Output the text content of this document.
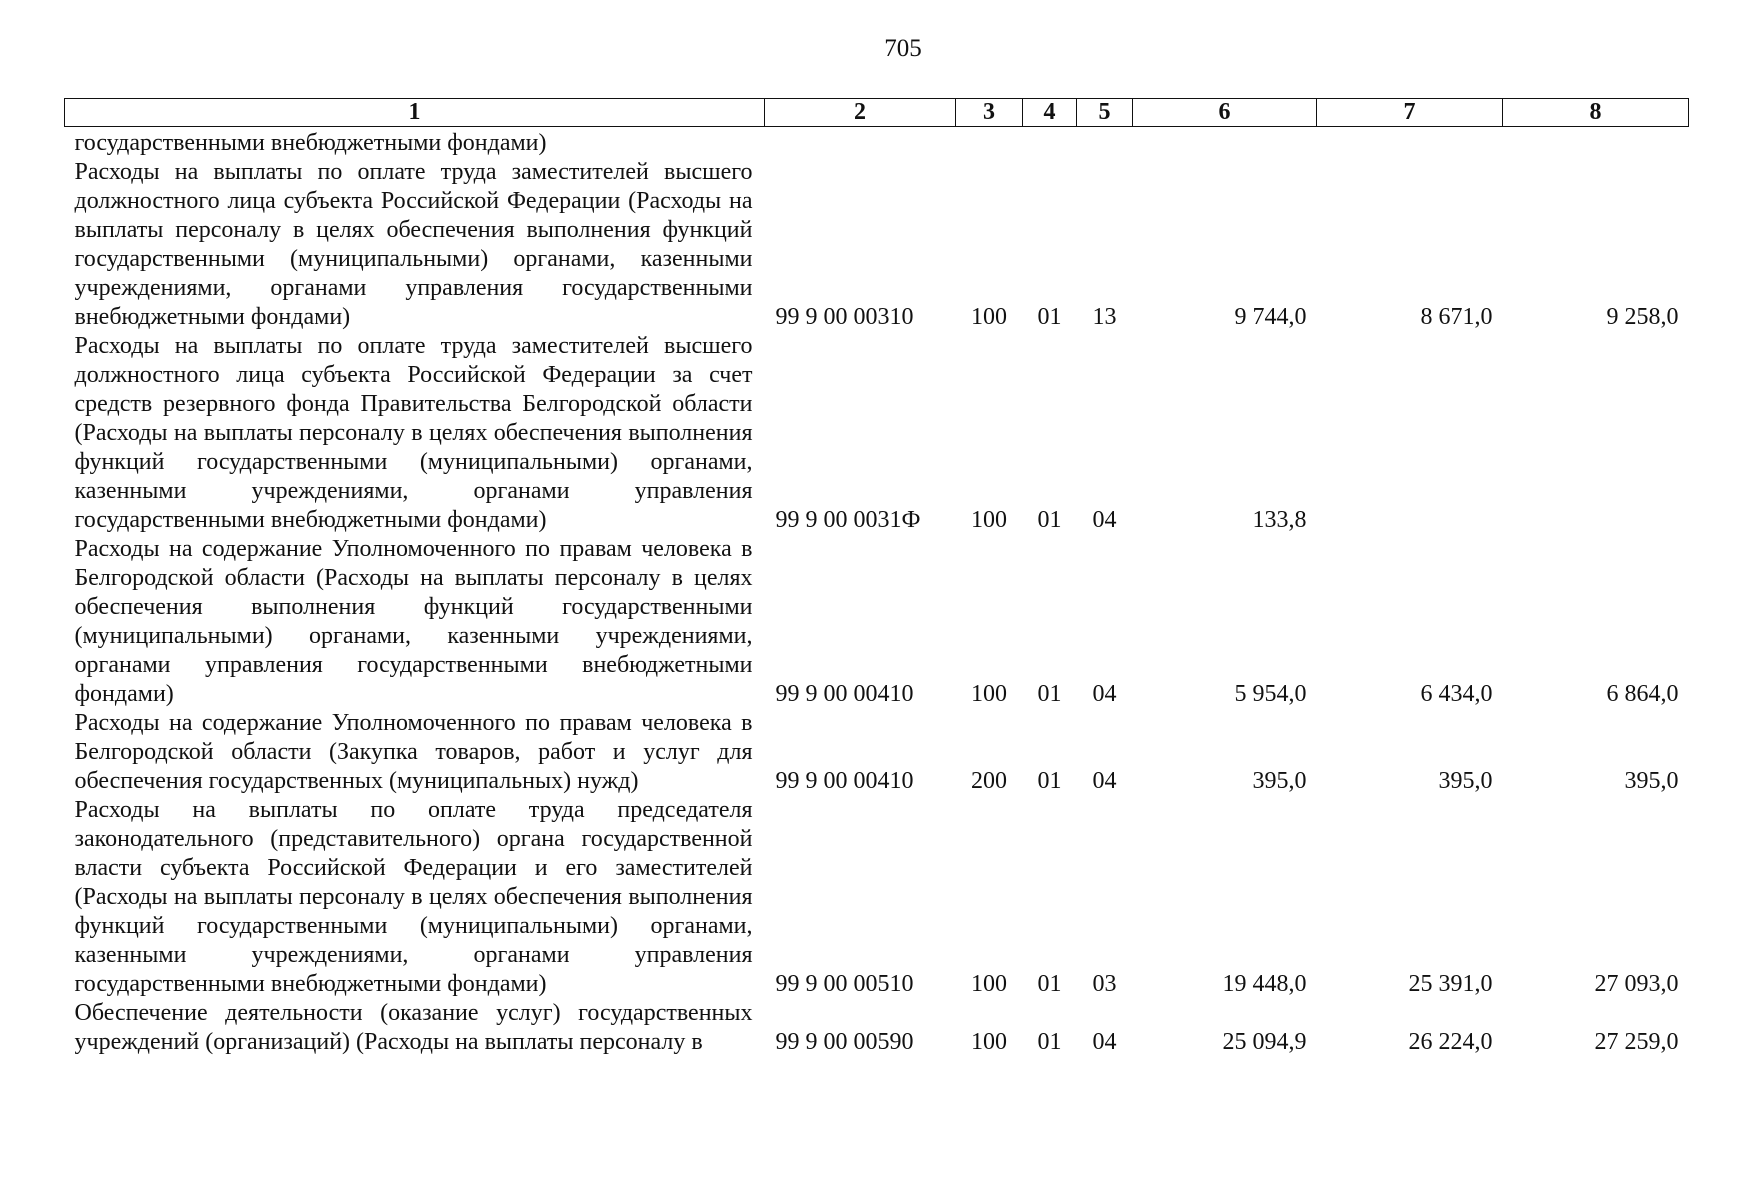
705
1	2	3	4	5	6	7	8
государственными внебюджетными фондами)							
Расходы на выплаты по оплате труда заместителей высшего должностного лица субъекта Российской Федерации (Расходы на выплаты персоналу в целях обеспечения выполнения функций государственными (муниципальными) органами, казенными учреждениями, органами управления государственными внебюджетными фондами)	99 9 00 00310	100	01	13	9 744,0	8 671,0	9 258,0
Расходы на выплаты по оплате труда заместителей высшего должностного лица субъекта Российской Федерации за счет средств резервного фонда Правительства Белгородской области (Расходы на выплаты персоналу в целях обеспечения выполнения функций государственными (муниципальными) органами, казенными учреждениями, органами управления государственными внебюджетными фондами)	99 9 00 0031Ф	100	01	04	133,8		
Расходы на содержание Уполномоченного по правам человека в Белгородской области (Расходы на выплаты персоналу в целях обеспечения выполнения функций государственными (муниципальными) органами, казенными учреждениями, органами управления государственными внебюджетными фондами)	99 9 00 00410	100	01	04	5 954,0	6 434,0	6 864,0
Расходы на содержание Уполномоченного по правам человека в Белгородской области (Закупка товаров, работ и услуг для обеспечения государственных (муниципальных) нужд)	99 9 00 00410	200	01	04	395,0	395,0	395,0
Расходы на выплаты по оплате труда председателя законодательного (представительного) органа государственной власти субъекта Российской Федерации и его заместителей (Расходы на выплаты персоналу в целях обеспечения выполнения функций государственными (муниципальными) органами, казенными учреждениями, органами управления государственными внебюджетными фондами)	99 9 00 00510	100	01	03	19 448,0	25 391,0	27 093,0
Обеспечение деятельности (оказание услуг) государственных учреждений (организаций) (Расходы на выплаты персоналу в	99 9 00 00590	100	01	04	25 094,9	26 224,0	27 259,0
